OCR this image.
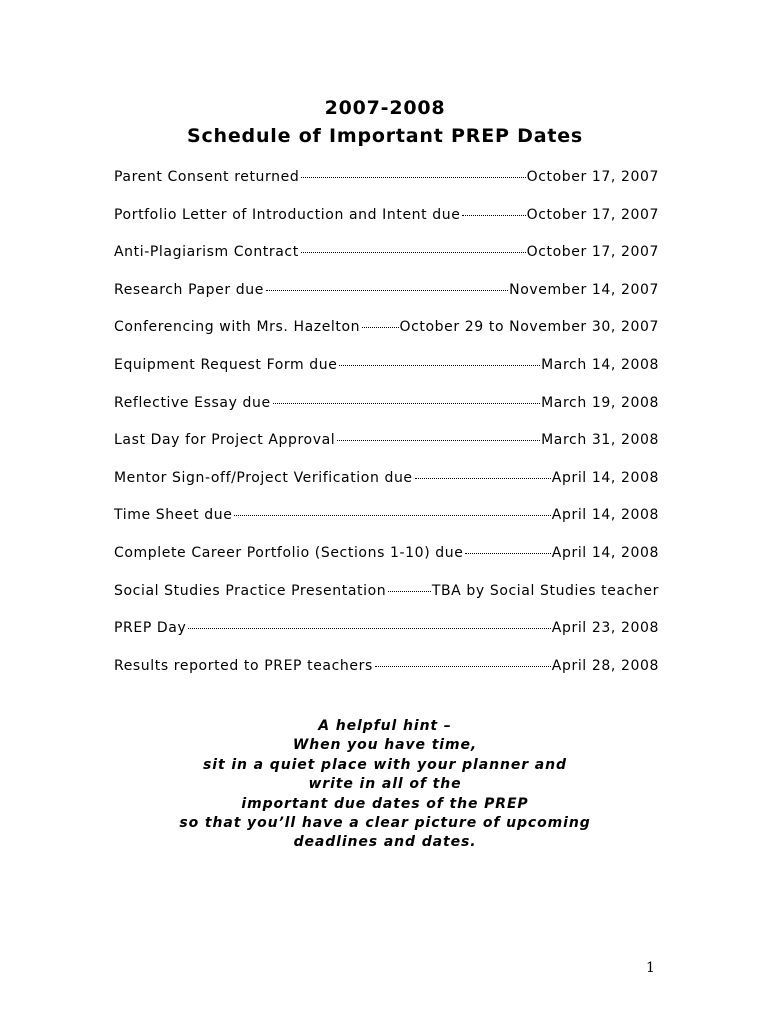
2007-2008
Schedule of Important PREP Dates
Parent Consent returned	October 17, 2007
Portfolio Letter of Introduction and Intent due	October 17, 2007
Anti-Plagiarism Contract	October 17, 2007
Research Paper due	November 14, 2007
Conferencing with Mrs. Hazelton	October 29 to November 30, 2007
Equipment Request Form due	March 14, 2008
Reflective Essay due	March 19, 2008
Last Day for Project Approval	March 31, 2008
Mentor Sign-off/Project Verification due	April 14, 2008
Time Sheet due	April 14, 2008
Complete Career Portfolio (Sections 1-10) due	April 14, 2008
Social Studies Practice Presentation	TBA by Social Studies teacher
PREP Day	April 23, 2008
Results reported to PREP teachers	April 28, 2008
A helpful hint –
When you have time,
sit in a quiet place with your planner and
write in all of the
important due dates of the PREP
so that you’ll have a clear picture of upcoming
deadlines and dates.
1
